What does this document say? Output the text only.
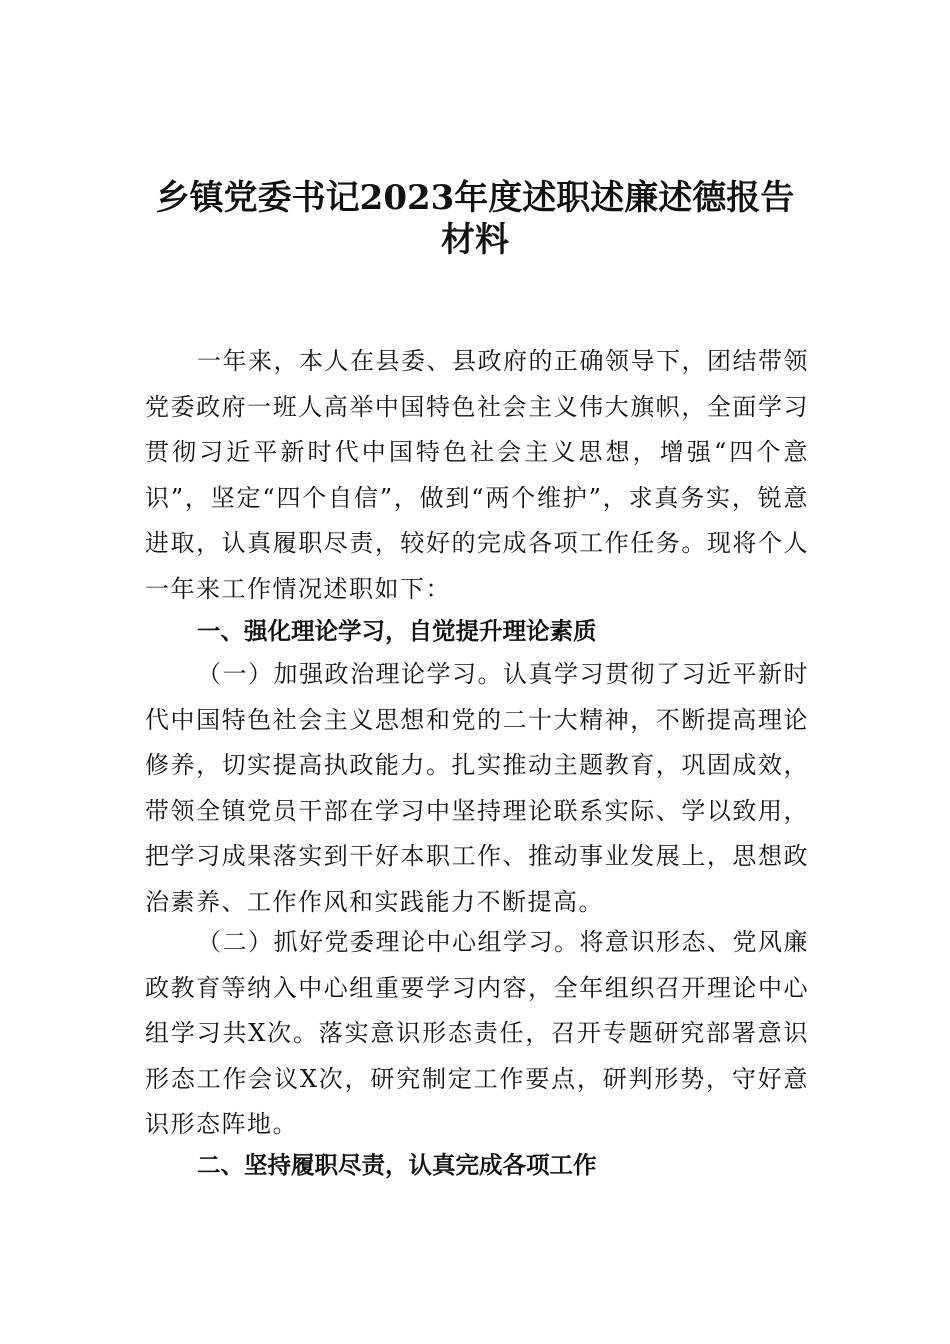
乡镇党委书记2023年度述职述廉述德报告
材料

一年来，本人在县委、县政府的正确领导下，团结带领党委政府一班人高举中国特色社会主义伟大旗帜，全面学习贯彻习近平新时代中国特色社会主义思想，增强“四个意识”，坚定“四个自信”，做到“两个维护”，求真务实，锐意进取，认真履职尽责，较好的完成各项工作任务。现将个人一年来工作情况述职如下：

一、强化理论学习，自觉提升理论素质

（一）加强政治理论学习。认真学习贯彻了习近平新时代中国特色社会主义思想和党的二十大精神，不断提高理论修养，切实提高执政能力。扎实推动主题教育，巩固成效，带领全镇党员干部在学习中坚持理论联系实际、学以致用，把学习成果落实到干好本职工作、推动事业发展上，思想政治素养、工作作风和实践能力不断提高。

（二）抓好党委理论中心组学习。将意识形态、党风廉政教育等纳入中心组重要学习内容，全年组织召开理论中心组学习共X次。落实意识形态责任，召开专题研究部署意识形态工作会议X次，研究制定工作要点，研判形势，守好意识形态阵地。

二、坚持履职尽责，认真完成各项工作
